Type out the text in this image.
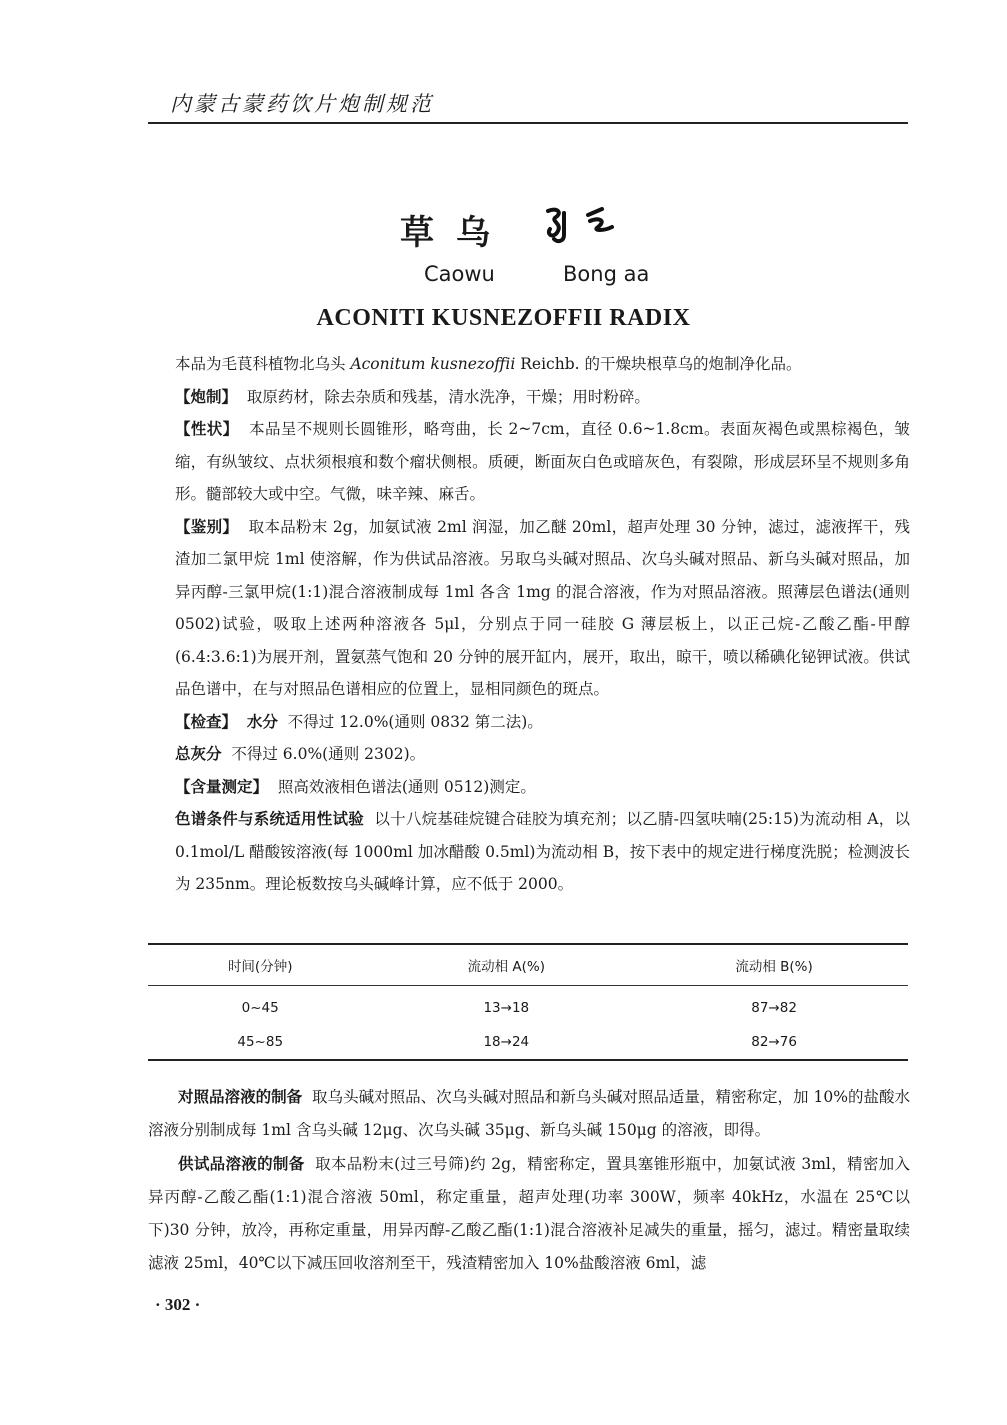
内蒙古蒙药饮片炮制规范
草乌
Caowu	Bong aa
ACONITI KUSNEZOFFII RADIX

本品为毛茛科植物北乌头 Aconitum kusnezoffii Reichb. 的干燥块根草乌的炮制净化品。

【炮制】 取原药材，除去杂质和残基，清水洗净，干燥；用时粉碎。

【性状】 本品呈不规则长圆锥形，略弯曲，长 2~7cm，直径 0.6~1.8cm。表面灰褐色或黑棕褐色，皱缩，有纵皱纹、点状须根痕和数个瘤状侧根。质硬，断面灰白色或暗灰色，有裂隙，形成层环呈不规则多角形。髓部较大或中空。气微，味辛辣、麻舌。

【鉴别】 取本品粉末 2g，加氨试液 2ml 润湿，加乙醚 20ml，超声处理 30 分钟，滤过，滤液挥干，残渣加二氯甲烷 1ml 使溶解，作为供试品溶液。另取乌头碱对照品、次乌头碱对照品、新乌头碱对照品，加异丙醇-三氯甲烷(1:1)混合溶液制成每 1ml 各含 1mg 的混合溶液，作为对照品溶液。照薄层色谱法(通则 0502)试验，吸取上述两种溶液各 5μl，分别点于同一硅胶 G 薄层板上，以正己烷-乙酸乙酯-甲醇(6.4:3.6:1)为展开剂，置氨蒸气饱和 20 分钟的展开缸内，展开，取出，晾干，喷以稀碘化铋钾试液。供试品色谱中，在与对照品色谱相应的位置上，显相同颜色的斑点。

【检查】 水分 不得过 12.0%(通则 0832 第二法)。

总灰分 不得过 6.0%(通则 2302)。

【含量测定】 照高效液相色谱法(通则 0512)测定。

色谱条件与系统适用性试验 以十八烷基硅烷键合硅胶为填充剂；以乙腈-四氢呋喃(25:15)为流动相 A，以 0.1mol/L 醋酸铵溶液(每 1000ml 加冰醋酸 0.5ml)为流动相 B，按下表中的规定进行梯度洗脱；检测波长为 235nm。理论板数按乌头碱峰计算，应不低于 2000。

时间(分钟)	流动相 A(%)	流动相 B(%)
0~45	13→18	87→82
45~85	18→24	82→76

对照品溶液的制备 取乌头碱对照品、次乌头碱对照品和新乌头碱对照品适量，精密称定，加 10%的盐酸水溶液分别制成每 1ml 含乌头碱 12μg、次乌头碱 35μg、新乌头碱 150μg 的溶液，即得。

供试品溶液的制备 取本品粉末(过三号筛)约 2g，精密称定，置具塞锥形瓶中，加氨试液 3ml，精密加入异丙醇-乙酸乙酯(1:1)混合溶液 50ml，称定重量，超声处理(功率 300W，频率 40kHz，水温在 25℃以下)30 分钟，放冷，再称定重量，用异丙醇-乙酸乙酯(1:1)混合溶液补足减失的重量，摇匀，滤过。精密量取续滤液 25ml，40℃以下减压回收溶剂至干，残渣精密加入 10%盐酸溶液 6ml，滤

· 302 ·
